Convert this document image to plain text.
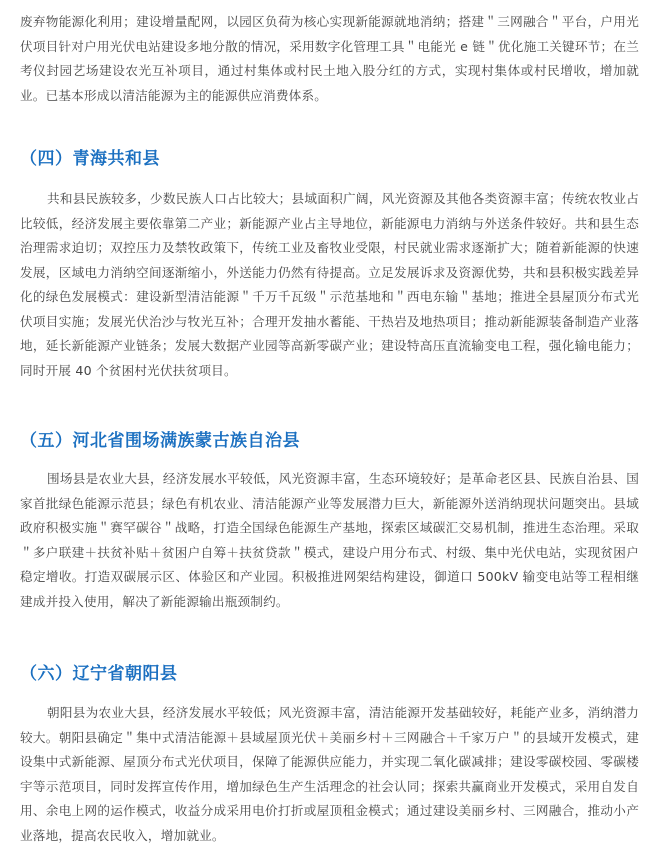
废弃物能源化利用；建设增量配网，以园区负荷为核心实现新能源就地消纳；搭建＂三网融合＂平台，户用光伏项目针对户用光伏电站建设多地分散的情况，采用数字化管理工具＂电能光 e 链＂优化施工关键环节；在兰考仪封园艺场建设农光互补项目，通过村集体或村民土地入股分红的方式，实现村集体或村民增收，增加就业。已基本形成以清洁能源为主的能源供应消费体系。

（四）青海共和县

共和县民族较多，少数民族人口占比较大；县域面积广阔，风光资源及其他各类资源丰富；传统农牧业占比较低，经济发展主要依靠第二产业；新能源产业占主导地位，新能源电力消纳与外送条件较好。共和县生态治理需求迫切；双控压力及禁牧政策下，传统工业及畜牧业受限，村民就业需求逐渐扩大；随着新能源的快速发展，区域电力消纳空间逐渐缩小，外送能力仍然有待提高。立足发展诉求及资源优势，共和县积极实践差异化的绿色发展模式：建设新型清洁能源＂千万千瓦级＂示范基地和＂西电东输＂基地；推进全县屋顶分布式光伏项目实施；发展光伏治沙与牧光互补；合理开发抽水蓄能、干热岩及地热项目；推动新能源装备制造产业落地，延长新能源产业链条；发展大数据产业园等高新零碳产业；建设特高压直流输变电工程，强化输电能力；同时开展 40 个贫困村光伏扶贫项目。

（五）河北省围场满族蒙古族自治县

围场县是农业大县，经济发展水平较低，风光资源丰富，生态环境较好；是革命老区县、民族自治县、国家首批绿色能源示范县；绿色有机农业、清洁能源产业等发展潜力巨大，新能源外送消纳现状问题突出。县域政府积极实施＂赛罕碳谷＂战略，打造全国绿色能源生产基地，探索区域碳汇交易机制，推进生态治理。采取＂多户联建＋扶贫补贴＋贫困户自筹＋扶贫贷款＂模式，建设户用分布式、村级、集中光伏电站，实现贫困户稳定增收。打造双碳展示区、体验区和产业园。积极推进网架结构建设，御道口 500kV 输变电站等工程相继建成并投入使用，解决了新能源输出瓶颈制约。

（六）辽宁省朝阳县

朝阳县为农业大县，经济发展水平较低；风光资源丰富，清洁能源开发基础较好，耗能产业多，消纳潜力较大。朝阳县确定＂集中式清洁能源＋县域屋顶光伏＋美丽乡村＋三网融合＋千家万户＂的县域开发模式，建设集中式新能源、屋顶分布式光伏项目，保障了能源供应能力，并实现二氧化碳减排；建设零碳校园、零碳楼宇等示范项目，同时发挥宣传作用，增加绿色生产生活理念的社会认同；探索共赢商业开发模式，采用自发自用、余电上网的运作模式，收益分成采用电价打折或屋顶租金模式；通过建设美丽乡村、三网融合，推动小产业落地，提高农民收入，增加就业。
